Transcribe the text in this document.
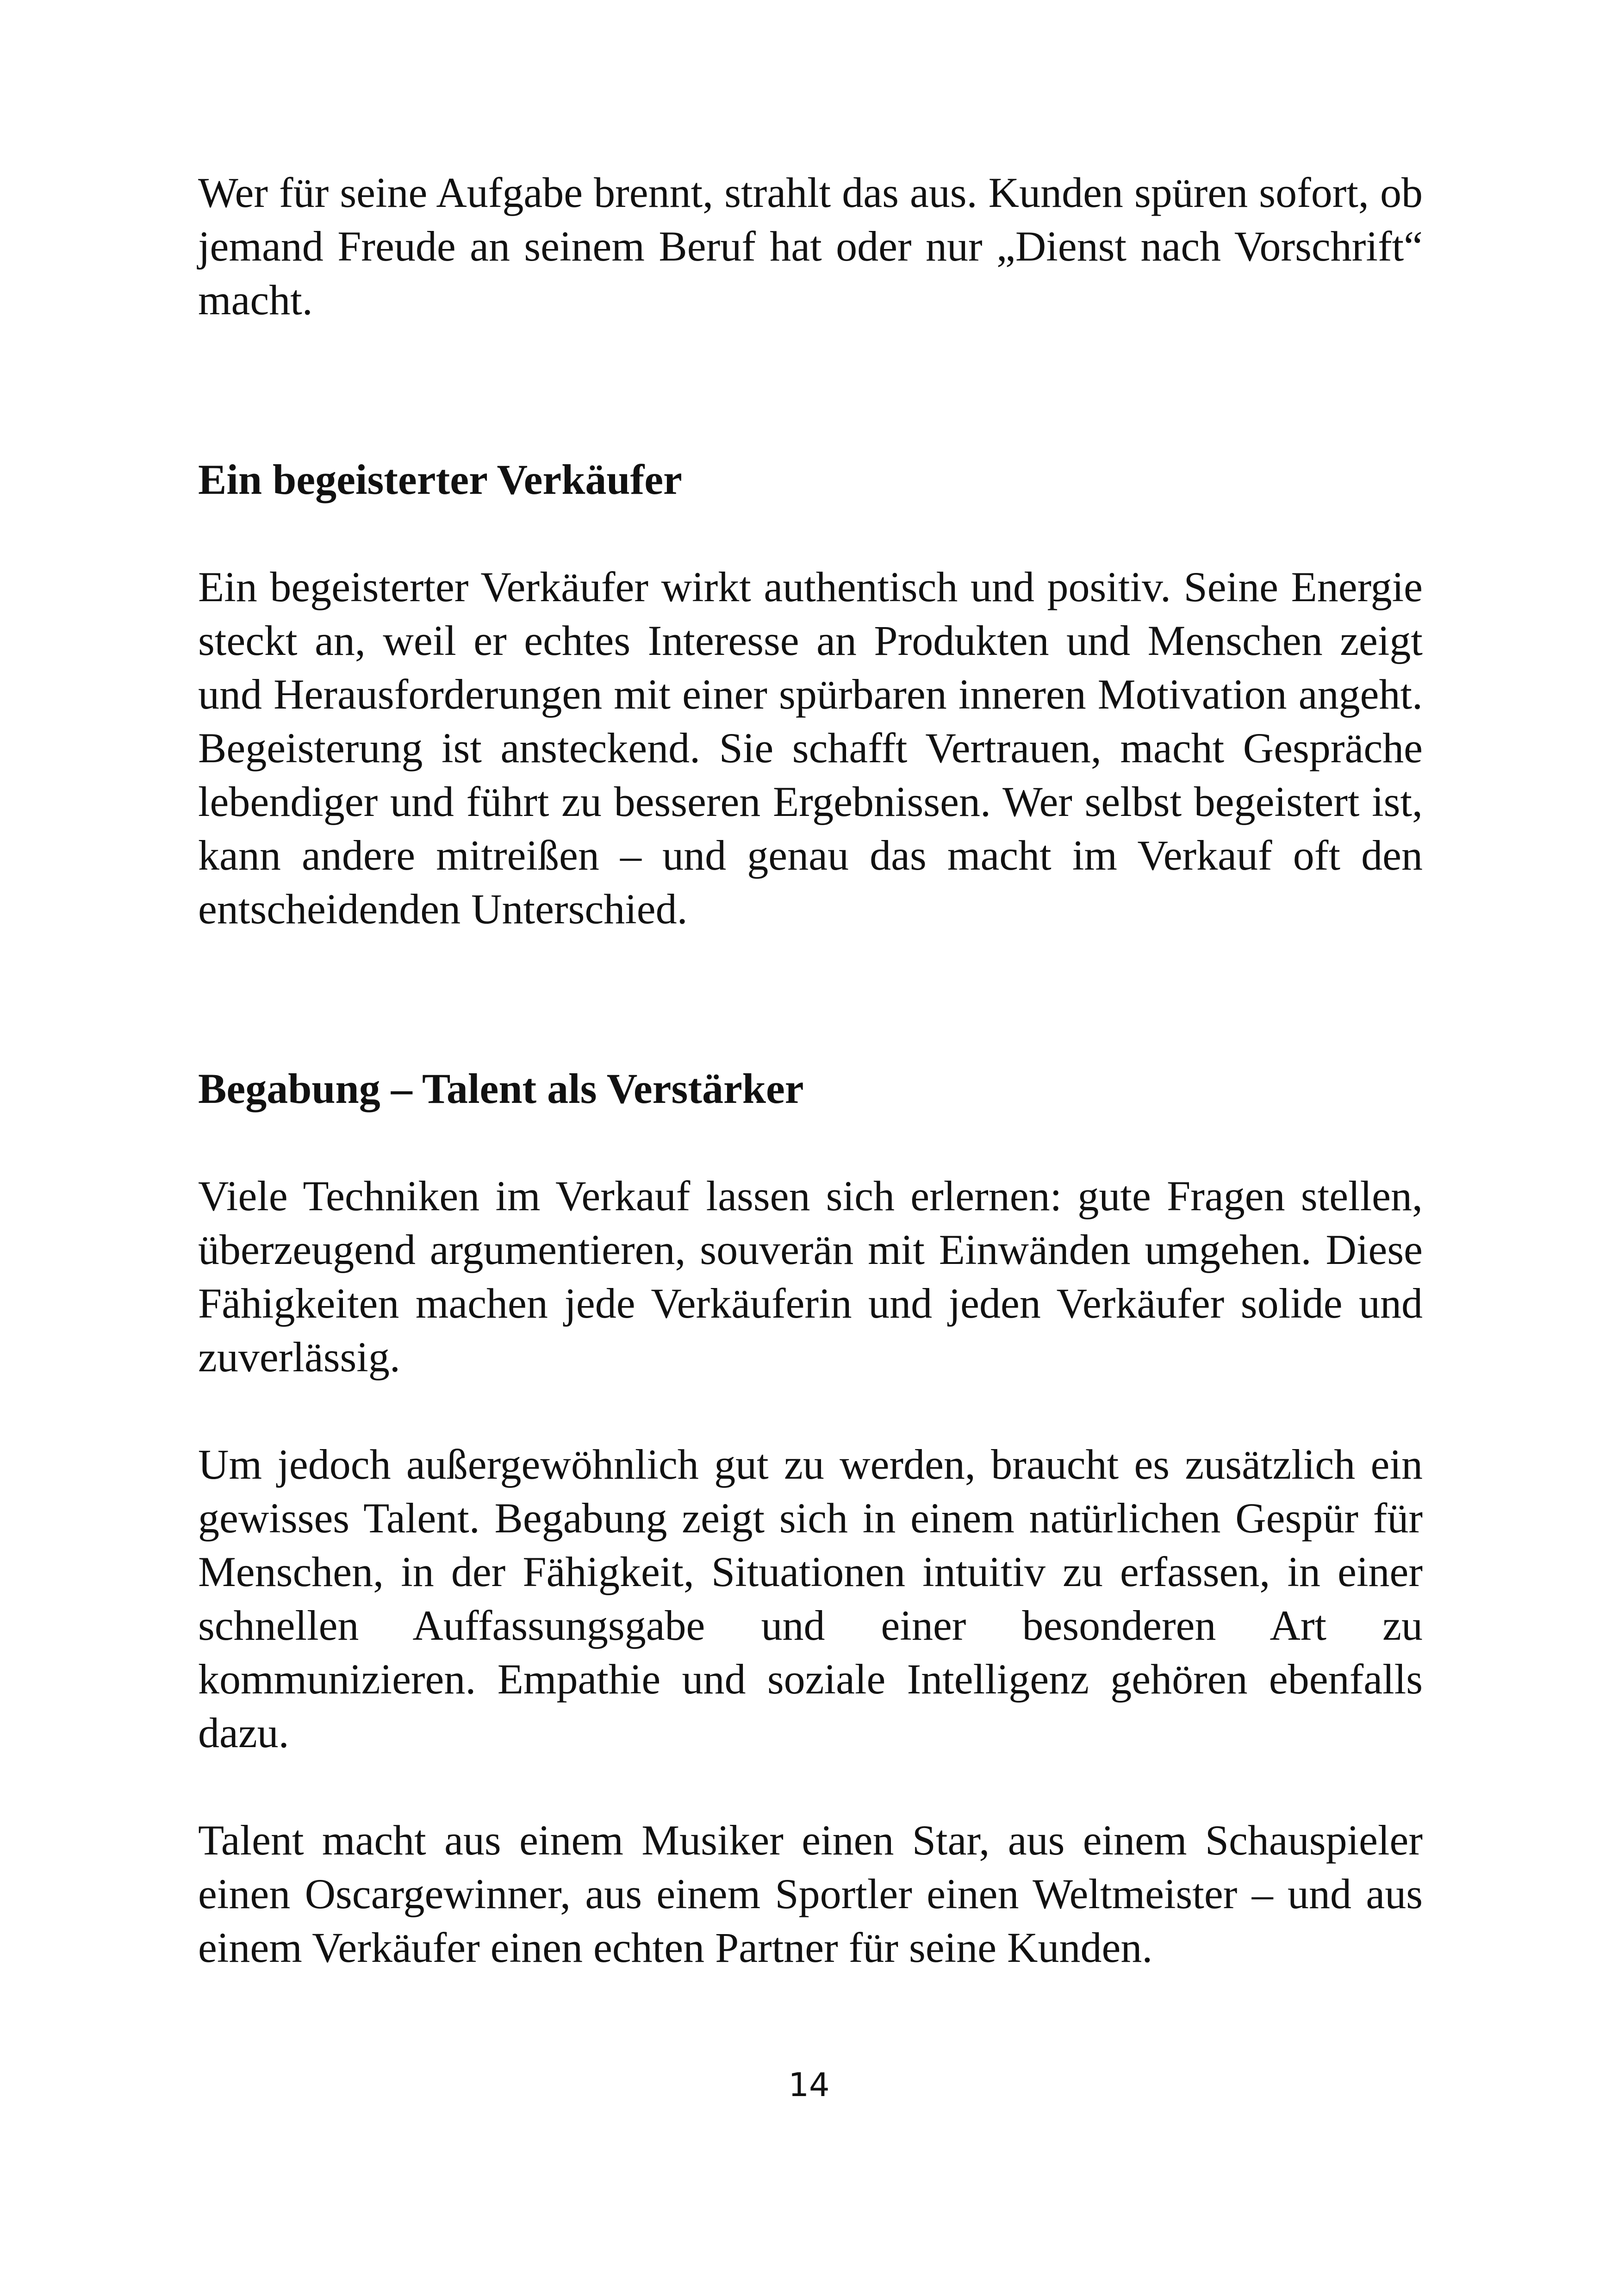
Wer für seine Aufgabe brennt, strahlt das aus. Kunden spüren sofort, ob jemand Freude an seinem Beruf hat oder nur „Dienst nach Vorschrift“ macht.

Ein begeisterter Verkäufer

Ein begeisterter Verkäufer wirkt authentisch und positiv. Seine Energie steckt an, weil er echtes Interesse an Produkten und Menschen zeigt und Herausforderungen mit einer spürbaren inneren Motivation angeht. Begeisterung ist ansteckend. Sie schafft Vertrauen, macht Gespräche lebendiger und führt zu besseren Ergebnissen. Wer selbst begeistert ist, kann andere mitreißen – und genau das macht im Verkauf oft den entscheidenden Unterschied.

Begabung – Talent als Verstärker

Viele Techniken im Verkauf lassen sich erlernen: gute Fragen stellen, überzeugend argumentieren, souverän mit Einwänden umgehen. Diese Fähigkeiten machen jede Verkäuferin und jeden Verkäufer solide und zuverlässig.

Um jedoch außergewöhnlich gut zu werden, braucht es zusätzlich ein gewisses Talent. Begabung zeigt sich in einem natürlichen Gespür für Menschen, in der Fähigkeit, Situationen intuitiv zu erfassen, in einer schnellen Auffassungsgabe und einer besonderen Art zu kommunizieren. Empathie und soziale Intelligenz gehören ebenfalls dazu.

Talent macht aus einem Musiker einen Star, aus einem Schauspieler einen Oscargewinner, aus einem Sportler einen Weltmeister – und aus einem Verkäufer einen echten Partner für seine Kunden.

14
